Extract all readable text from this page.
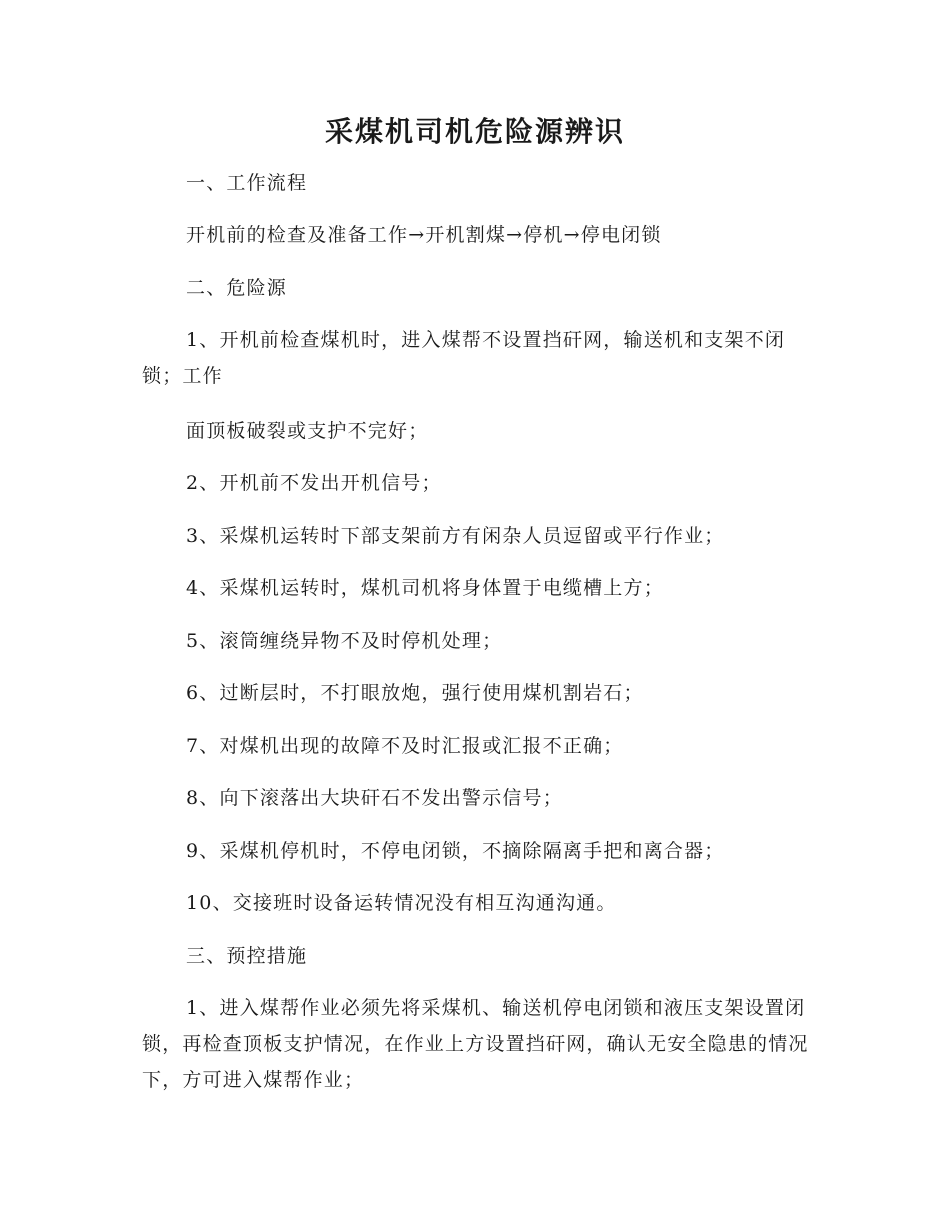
采煤机司机危险源辨识

一、工作流程

开机前的检查及准备工作→开机割煤→停机→停电闭锁

二、危险源

1、开机前检查煤机时，进入煤帮不设置挡矸网，输送机和支架不闭锁；工作

面顶板破裂或支护不完好；

2、开机前不发出开机信号；

3、采煤机运转时下部支架前方有闲杂人员逗留或平行作业；

4、采煤机运转时，煤机司机将身体置于电缆槽上方；

5、滚筒缠绕异物不及时停机处理；

6、过断层时，不打眼放炮，强行使用煤机割岩石；

7、对煤机出现的故障不及时汇报或汇报不正确；

8、向下滚落出大块矸石不发出警示信号；

9、采煤机停机时，不停电闭锁，不摘除隔离手把和离合器；

10、交接班时设备运转情况没有相互沟通沟通。

三、预控措施

1、进入煤帮作业必须先将采煤机、输送机停电闭锁和液压支架设置闭锁，再检查顶板支护情况，在作业上方设置挡矸网，确认无安全隐患的情况下，方可进入煤帮作业；
